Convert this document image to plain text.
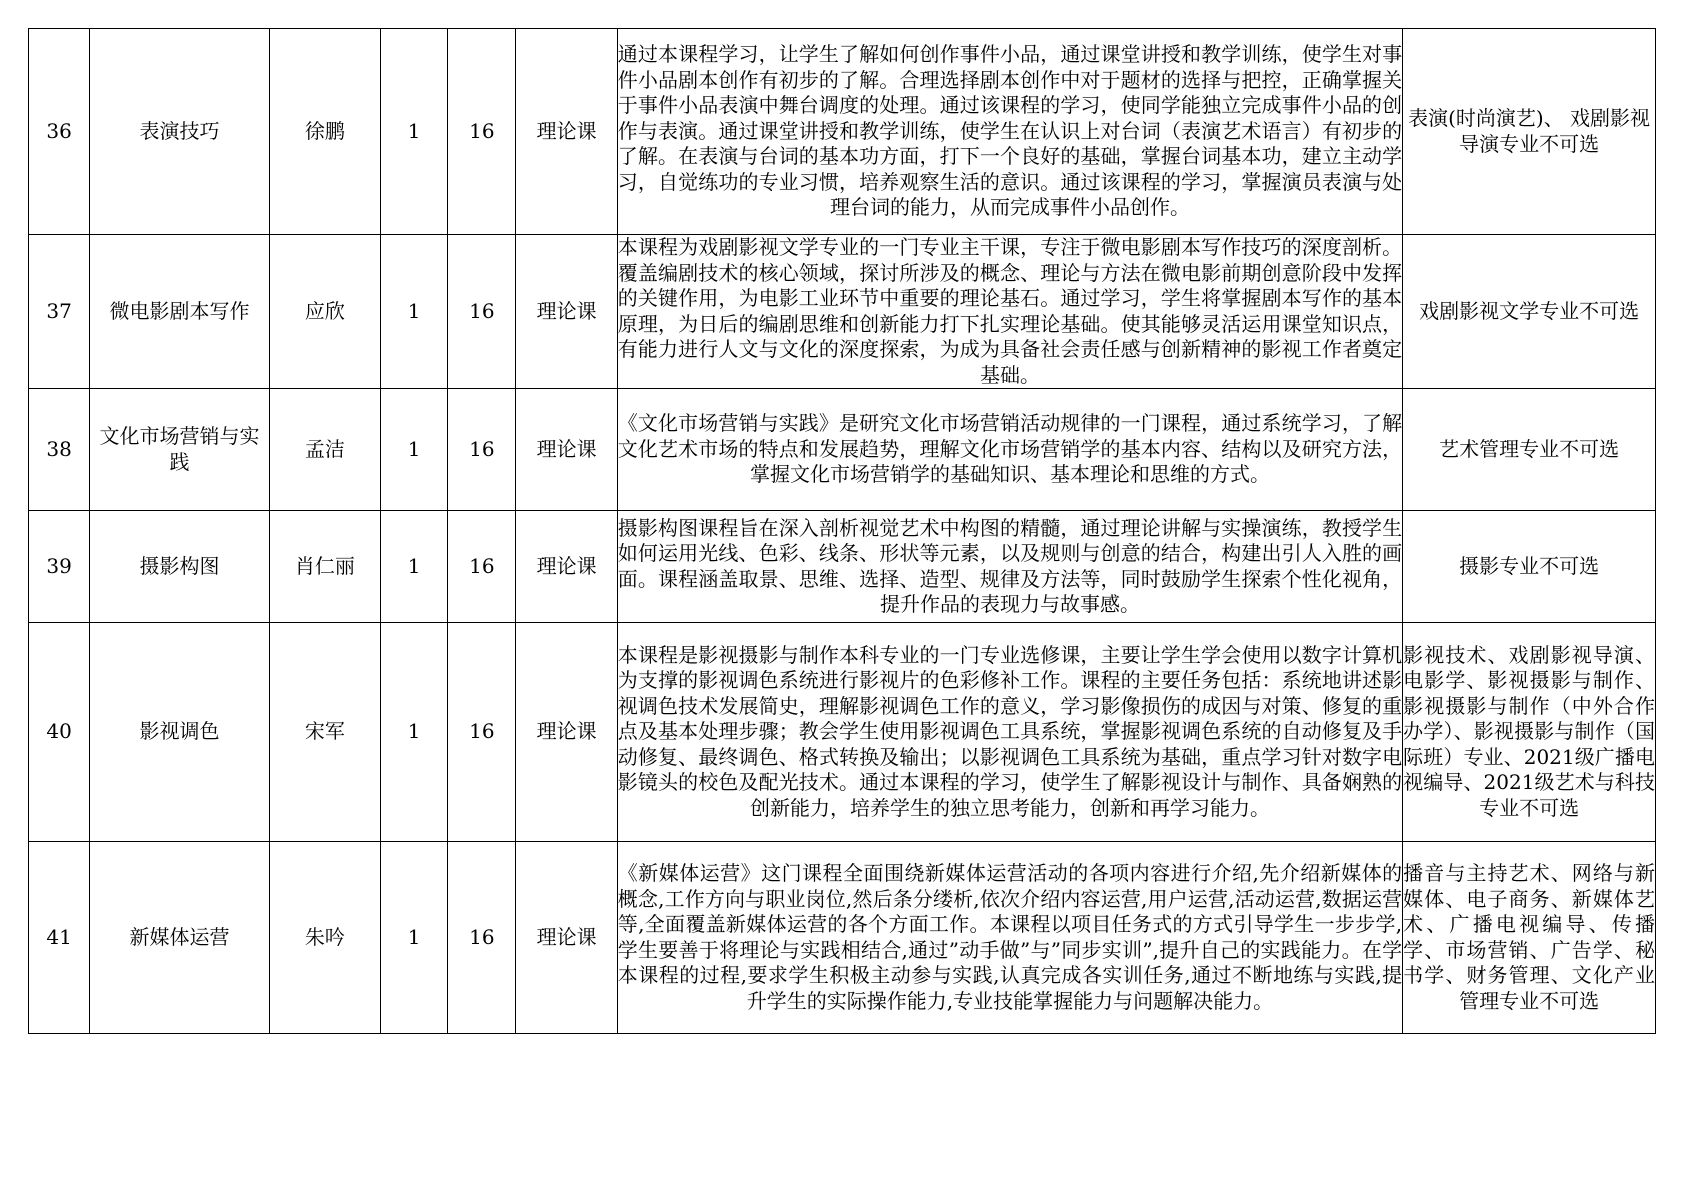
36	表演技巧	徐鹏	1	16	理论课	通过本课程学习，让学生了解如何创作事件小品，通过课堂讲授和教学训练，使学生对事件小品剧本创作有初步的了解。合理选择剧本创作中对于题材的选择与把控，正确掌握关于事件小品表演中舞台调度的处理。通过该课程的学习，使同学能独立完成事件小品的创作与表演。通过课堂讲授和教学训练，使学生在认识上对台词（表演艺术语言）有初步的了解。在表演与台词的基本功方面，打下一个良好的基础，掌握台词基本功，建立主动学习，自觉练功的专业习惯，培养观察生活的意识。通过该课程的学习，掌握演员表演与处理台词的能力，从而完成事件小品创作。	表演(时尚演艺)、 戏剧影视导演专业不可选

37	微电影剧本写作	应欣	1	16	理论课	本课程为戏剧影视文学专业的一门专业主干课，专注于微电影剧本写作技巧的深度剖析。覆盖编剧技术的核心领域，探讨所涉及的概念、理论与方法在微电影前期创意阶段中发挥的关键作用，为电影工业环节中重要的理论基石。通过学习，学生将掌握剧本写作的基本原理，为日后的编剧思维和创新能力打下扎实理论基础。使其能够灵活运用课堂知识点，有能力进行人文与文化的深度探索，为成为具备社会责任感与创新精神的影视工作者奠定基础。	戏剧影视文学专业不可选

38	文化市场营销与实践	孟洁	1	16	理论课	《文化市场营销与实践》是研究文化市场营销活动规律的一门课程，通过系统学习，了解文化艺术市场的特点和发展趋势，理解文化市场营销学的基本内容、结构以及研究方法，掌握文化市场营销学的基础知识、基本理论和思维的方式。	艺术管理专业不可选

39	摄影构图	肖仁丽	1	16	理论课	摄影构图课程旨在深入剖析视觉艺术中构图的精髓，通过理论讲解与实操演练，教授学生如何运用光线、色彩、线条、形状等元素，以及规则与创意的结合，构建出引人入胜的画面。课程涵盖取景、思维、选择、造型、规律及方法等，同时鼓励学生探索个性化视角，提升作品的表现力与故事感。	摄影专业不可选

40	影视调色	宋军	1	16	理论课	本课程是影视摄影与制作本科专业的一门专业选修课，主要让学生学会使用以数字计算机为支撑的影视调色系统进行影视片的色彩修补工作。课程的主要任务包括：系统地讲述影视调色技术发展简史，理解影视调色工作的意义，学习影像损伤的成因与对策、修复的重点及基本处理步骤；教会学生使用影视调色工具系统，掌握影视调色系统的自动修复及手动修复、最终调色、格式转换及输出；以影视调色工具系统为基础，重点学习针对数字电影镜头的校色及配光技术。通过本课程的学习，使学生了解影视设计与制作、具备娴熟的创新能力，培养学生的独立思考能力，创新和再学习能力。	影视技术、戏剧影视导演、电影学、影视摄影与制作、影视摄影与制作（中外合作办学）、影视摄影与制作（国际班）专业、2021级广播电视编导、2021级艺术与科技专业不可选

41	新媒体运营	朱吟	1	16	理论课	《新媒体运营》这门课程全面围绕新媒体运营活动的各项内容进行介绍,先介绍新媒体的概念,工作方向与职业岗位,然后条分缕析,依次介绍内容运营,用户运营,活动运营,数据运营等,全面覆盖新媒体运营的各个方面工作。本课程以项目任务式的方式引导学生一步步学,学生要善于将理论与实践相结合,通过”动手做”与”同步实训”,提升自己的实践能力。在学本课程的过程,要求学生积极主动参与实践,认真完成各实训任务,通过不断地练与实践,提升学生的实际操作能力,专业技能掌握能力与问题解决能力。	播音与主持艺术、网络与新媒体、电子商务、新媒体艺术、广播电视编导、传播学、市场营销、广告学、秘书学、财务管理、文化产业管理专业不可选
